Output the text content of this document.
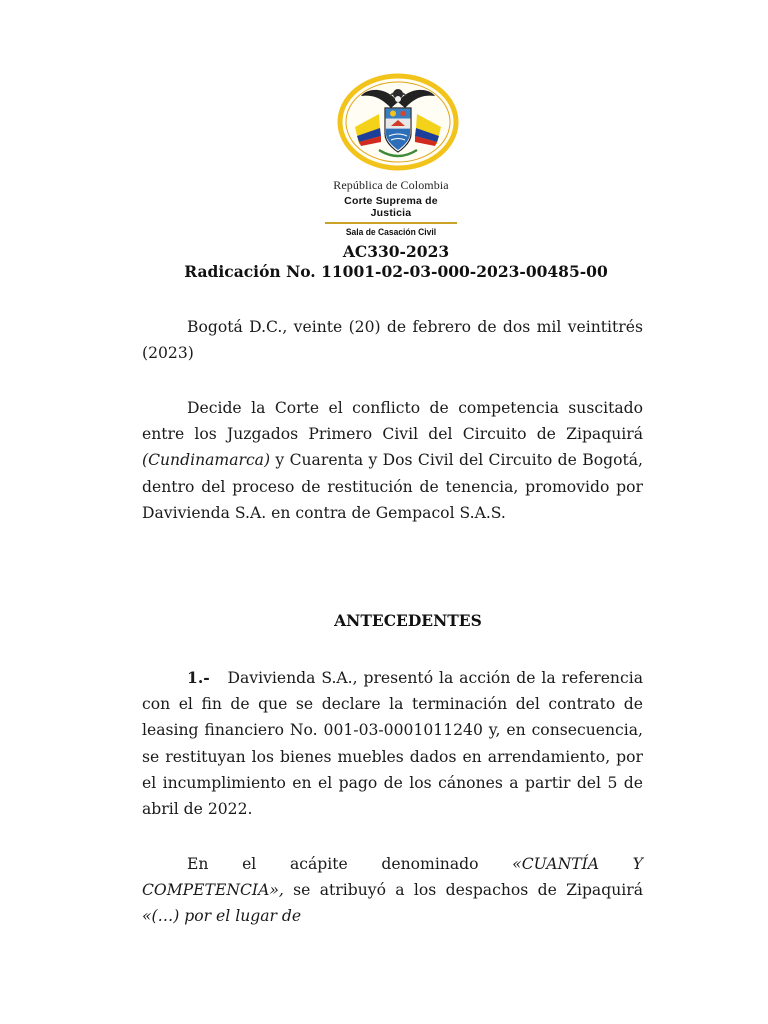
República de Colombia
Corte Suprema de Justicia
Sala de Casación Civil
AC330-2023
Radicación No. 11001-02-03-000-2023-00485-00
Bogotá D.C., veinte (20) de febrero de dos mil veintitrés (2023)
Decide la Corte el conflicto de competencia suscitado entre los Juzgados Primero Civil del Circuito de Zipaquirá (Cundinamarca) y Cuarenta y Dos Civil del Circuito de Bogotá, dentro del proceso de restitución de tenencia, promovido por Davivienda S.A. en contra de Gempacol S.A.S.
ANTECEDENTES
1.- Davivienda S.A., presentó la acción de la referencia con el fin de que se declare la terminación del contrato de leasing financiero No. 001-03-0001011240 y, en consecuencia, se restituyan los bienes muebles dados en arrendamiento, por el incumplimiento en el pago de los cánones a partir del 5 de abril de 2022.
En el acápite denominado «CUANTÍA Y COMPETENCIA», se atribuyó a los despachos de Zipaquirá «(…) por el lugar de
